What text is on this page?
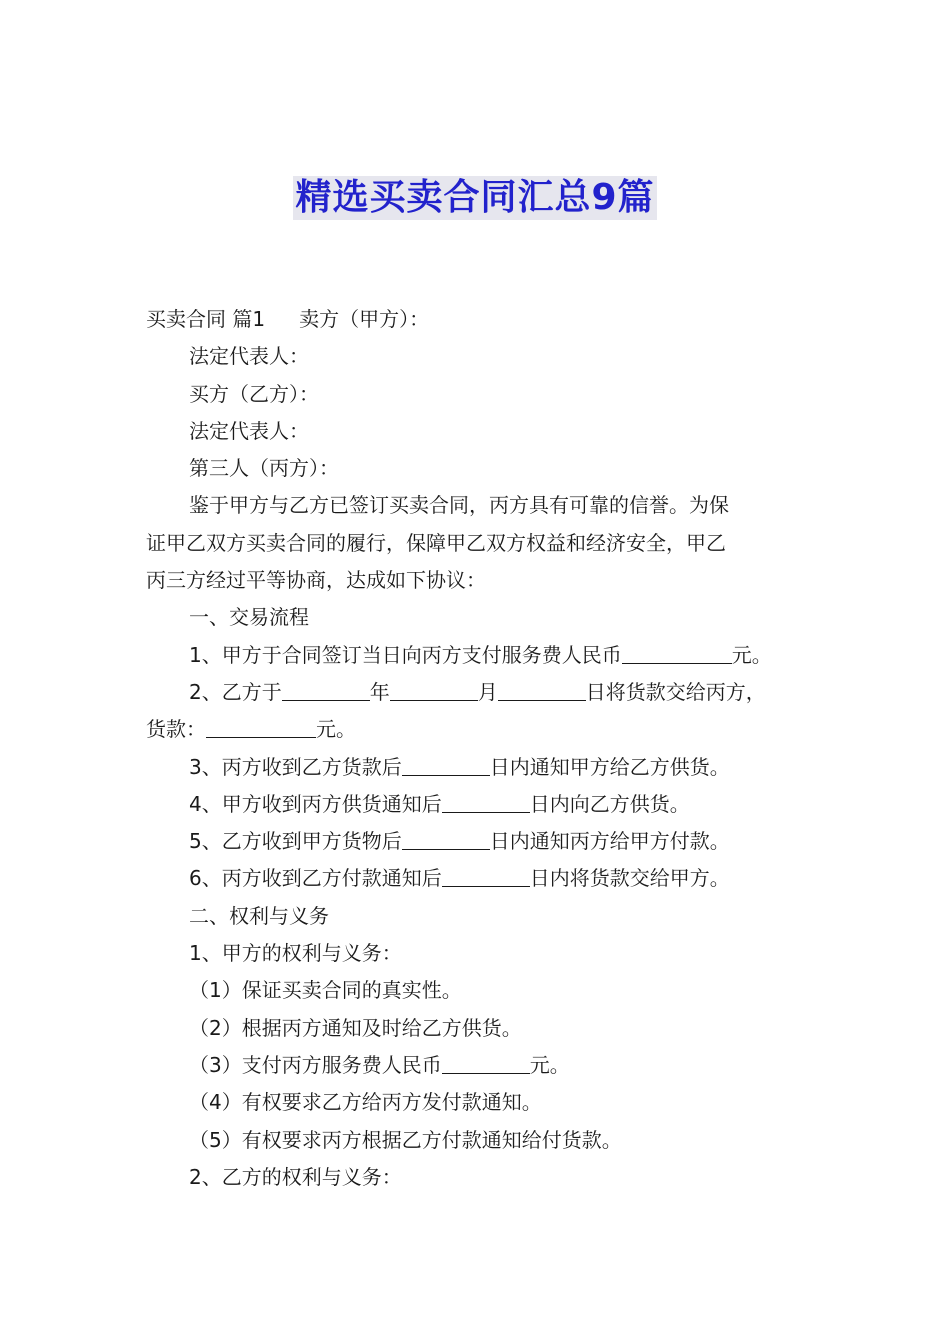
精选买卖合同汇总9篇
买卖合同 篇1 卖方（甲方）：
法定代表人：
买方（乙方）：
法定代表人：
第三人（丙方）：
鉴于甲方与乙方已签订买卖合同，丙方具有可靠的信誉。为保
证甲乙双方买卖合同的履行，保障甲乙双方权益和经济安全，甲乙
丙三方经过平等协商，达成如下协议：
一、交易流程
1、甲方于合同签订当日向丙方支付服务费人民币	元。
2、乙方于	年	月	日将货款交给丙方，
货款：	元。
3、丙方收到乙方货款后	日内通知甲方给乙方供货。
4、甲方收到丙方供货通知后	日内向乙方供货。
5、乙方收到甲方货物后	日内通知丙方给甲方付款。
6、丙方收到乙方付款通知后	日内将货款交给甲方。
二、权利与义务
1、甲方的权利与义务：
（1）保证买卖合同的真实性。
（2）根据丙方通知及时给乙方供货。
（3）支付丙方服务费人民币	元。
（4）有权要求乙方给丙方发付款通知。
（5）有权要求丙方根据乙方付款通知给付货款。
2、乙方的权利与义务：
